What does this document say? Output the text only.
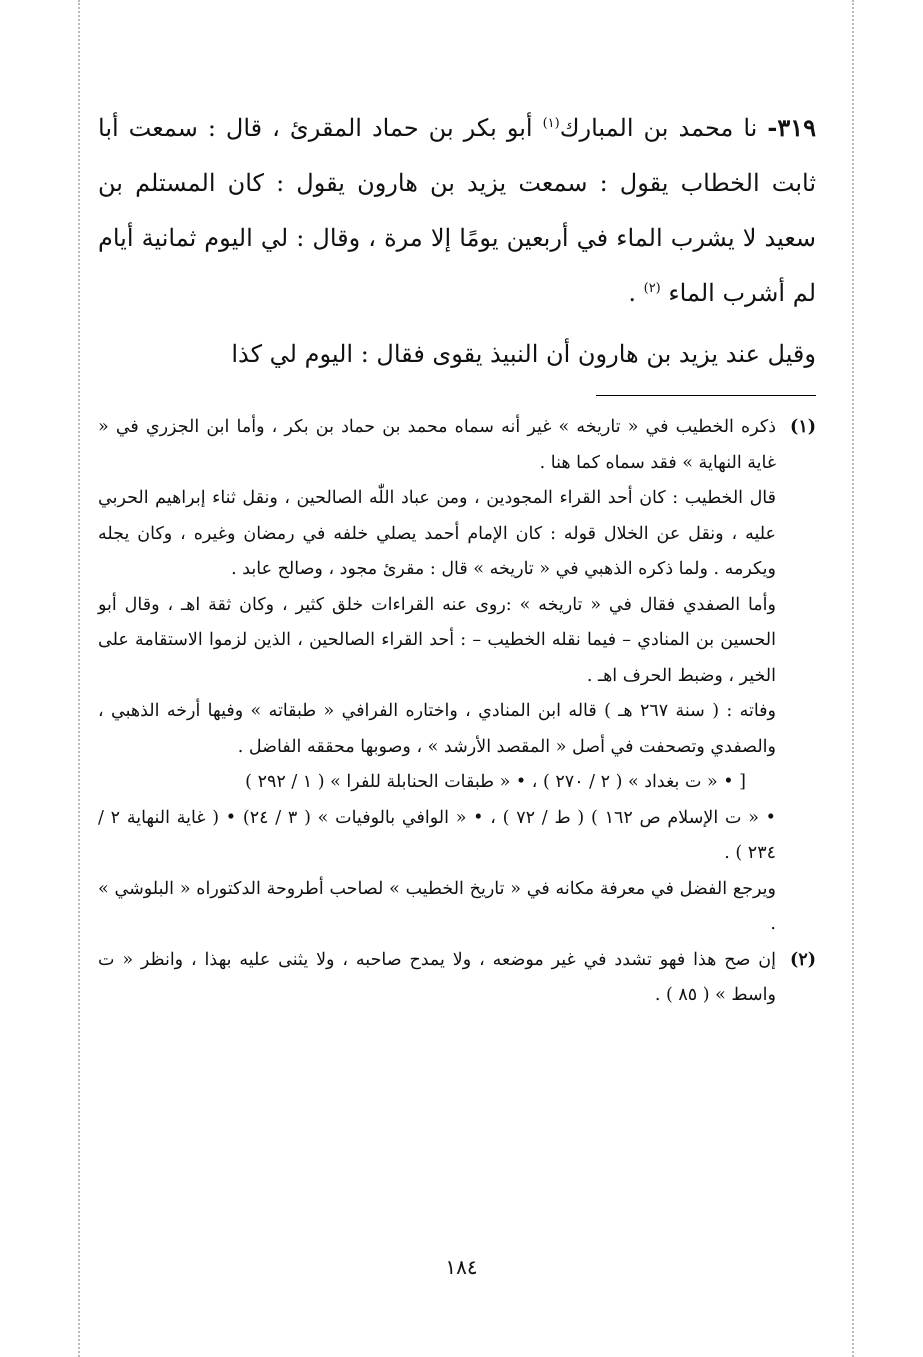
٣١٩- نا محمد بن المبارك$^{(١)}$ أبو بكر بن حماد المقرئ ، قال : سمعت أبا ثابت الخطاب يقول : سمعت يزيد بن هارون يقول : كان المستلم بن سعيد لا يشرب الماء في أربعين يومًا إلا مرة ، وقال : لي اليوم ثمانية أيام لم أشرب الماء $^{(٢)}$ .

وقيل عند يزيد بن هارون أن النبيذ يقوى فقال : اليوم لي كذا

(١)
ذكره الخطيب في « تاريخه » غير أنه سماه محمد بن حماد بن بكر ، وأما ابن الجزري في « غاية النهاية » فقد سماه كما هنا .

قال الخطيب : كان أحد القراء المجودين ، ومن عباد اللّٰه الصالحين ، ونقل ثناء إبراهيم الحربي عليه ، ونقل عن الخلال قوله : كان الإمام أحمد يصلي خلفه في رمضان وغيره ، وكان يجله ويكرمه . ولما ذكره الذهبي في « تاريخه » قال : مقرئ مجود ، وصالح عابد .

وأما الصفدي فقال في « تاريخه » :روى عنه القراءات خلق كثير ، وكان ثقة اهـ ، وقال أبو الحسين بن المنادي – فيما نقله الخطيب – : أحد القراء الصالحين ، الذين لزموا الاستقامة على الخير ، وضبط الحرف اهـ .

وفاته : ( سنة ٢٦٧ هـ ) قاله ابن المنادي ، واختاره الفرافي « طبقاته » وفيها أرخه الذهبي ، والصفدي وتصحفت في أصل « المقصد الأرشد » ، وصوبها محققه الفاضل .

[ • « ت بغداد » ( ٢ / ٢٧٠ ) ، • « طبقات الحنابلة للفرا » ( ١ / ٢٩٢ )

• « ت الإسلام ص ١٦٢ ) ( ط / ٧٢ ) ، • « الوافي بالوفيات » ( ٣ / ٢٤) • ( غاية النهاية ٢ / ٢٣٤ ) .

ويرجع الفضل في معرفة مكانه في « تاريخ الخطيب » لصاحب أطروحة الدكتوراه « البلوشي » .

(٢)
إن صح هذا فهو تشدد في غير موضعه ، ولا يمدح صاحبه ، ولا يثنى عليه بهذا ، وانظر « ت واسط » ( ٨٥ ) .

١٨٤
